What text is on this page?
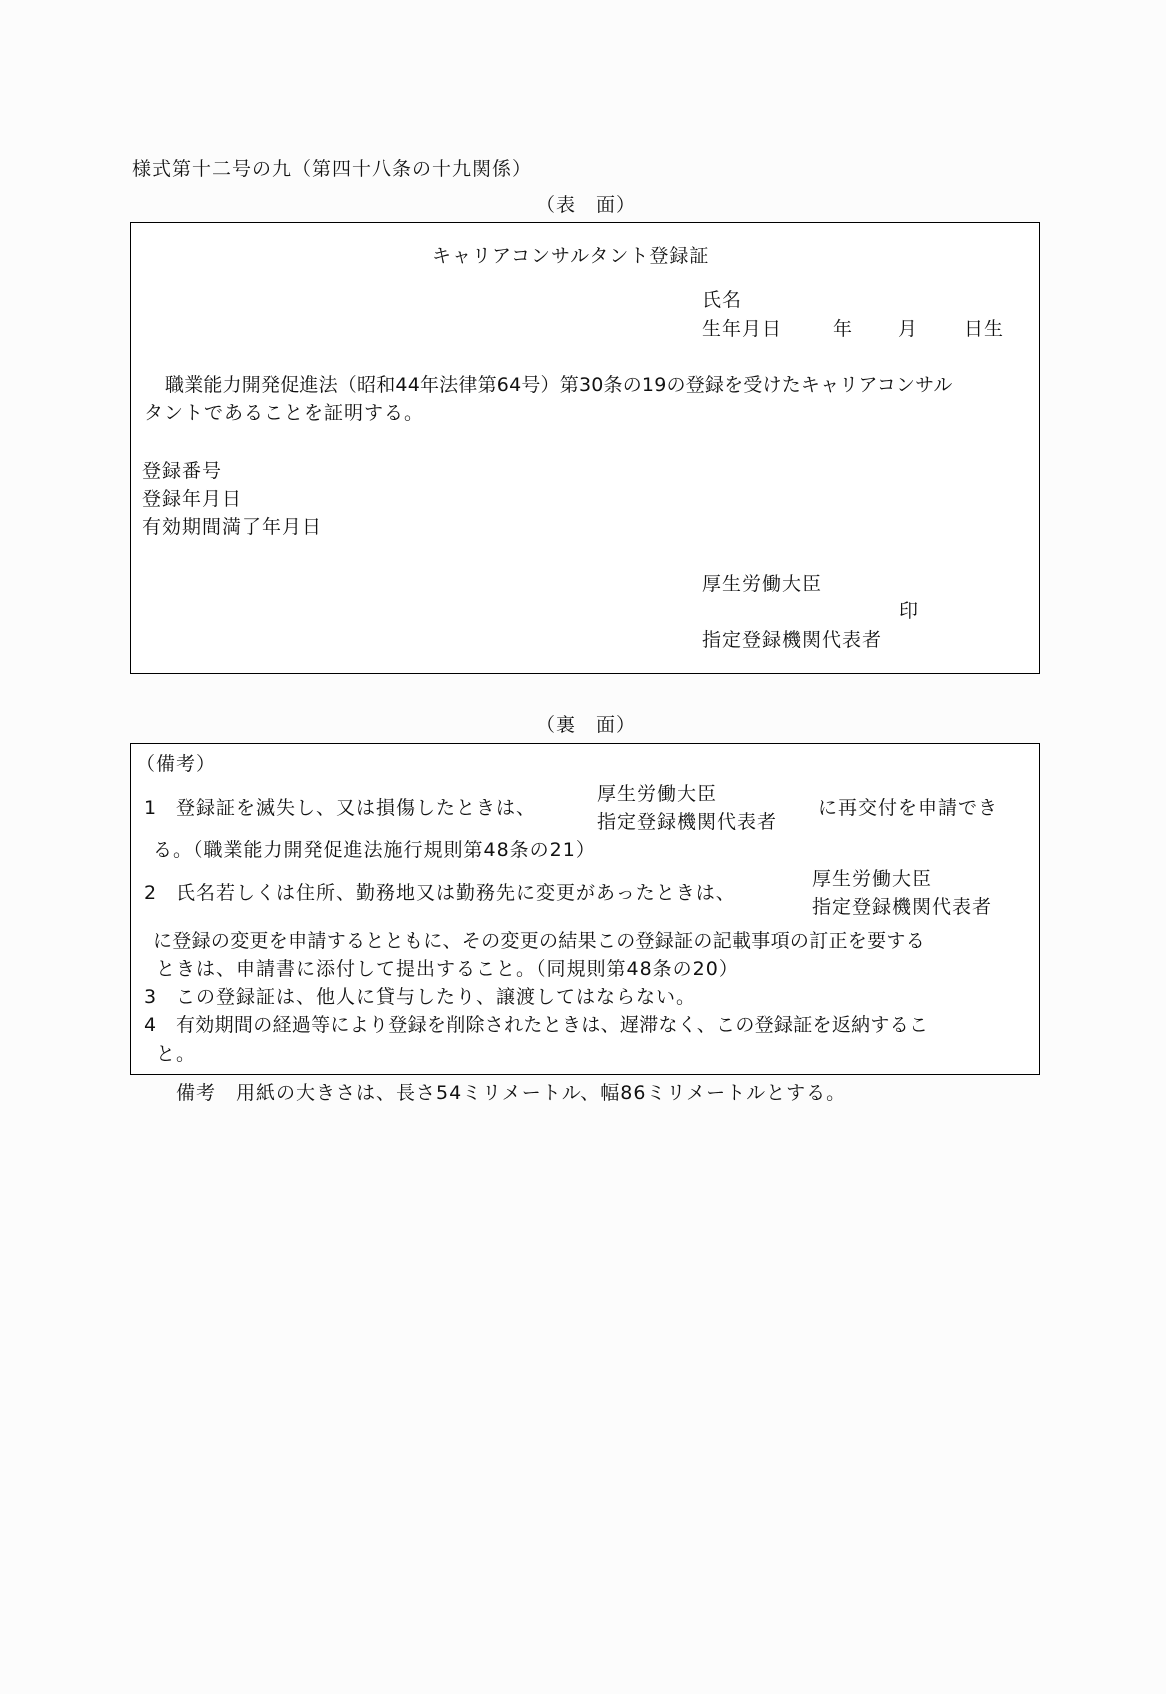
様式第十二号の九（第四十八条の十九関係）
（表　面）
キャリアコンサルタント登録証
氏名
生年月日	年 月 日生
職業能力開発促進法（昭和44年法律第64号）第30条の19の登録を受けたキャリアコンサル
タントであることを証明する。
登録番号
登録年月日
有効期間満了年月日
厚生労働大臣
印
指定登録機関代表者
（裏　面）
（備考）
1 登録証を滅失し、又は損傷したときは、
厚生労働大臣
指定登録機関代表者
に再交付を申請でき
る。（職業能力開発促進法施行規則第48条の21）
2 氏名若しくは住所、勤務地又は勤務先に変更があったときは、
厚生労働大臣
指定登録機関代表者
に登録の変更を申請するとともに、その変更の結果この登録証の記載事項の訂正を要する
ときは、申請書に添付して提出すること。（同規則第48条の20）
3 この登録証は、他人に貸与したり、譲渡してはならない。
4 有効期間の経過等により登録を削除されたときは、遅滞なく、この登録証を返納するこ
と。
備考　用紙の大きさは、長さ54ミリメートル、幅86ミリメートルとする。
